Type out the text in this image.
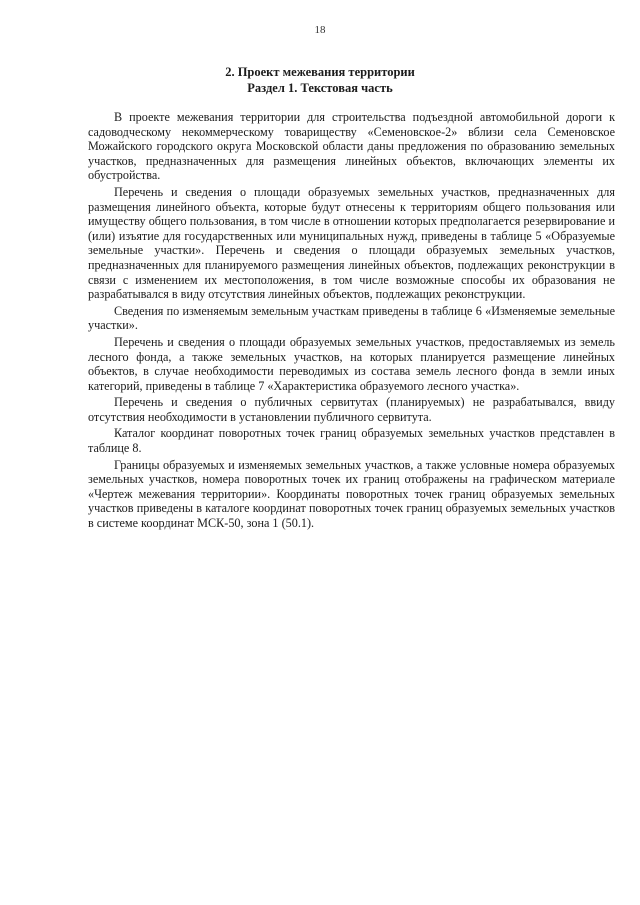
18
2. Проект межевания территории
Раздел 1. Текстовая часть

В проекте межевания территории для строительства подъездной автомобильной дороги к садоводческому некоммерческому товариществу «Семеновское-2» вблизи села Семеновское Можайского городского округа Московской области даны предложения по образованию земельных участков, предназначенных для размещения линейных объектов, включающих элементы их обустройства.

Перечень и сведения о площади образуемых земельных участков, предназначенных для размещения линейного объекта, которые будут отнесены к территориям общего пользования или имуществу общего пользования, в том числе в отношении которых предполагается резервирование и (или) изъятие для государственных или муниципальных нужд, приведены в таблице 5 «Образуемые земельные участки». Перечень и сведения о площади образуемых земельных участков, предназначенных для планируемого размещения линейных объектов, подлежащих реконструкции в связи с изменением их местоположения, в том числе возможные способы их образования не разрабатывался в виду отсутствия линейных объектов, подлежащих реконструкции.

Сведения по изменяемым земельным участкам приведены в таблице 6 «Изменяемые земельные участки».

Перечень и сведения о площади образуемых земельных участков, предоставляемых из земель лесного фонда, а также земельных участков, на которых планируется размещение линейных объектов, в случае необходимости переводимых из состава земель лесного фонда в земли иных категорий, приведены в таблице 7 «Характеристика образуемого лесного участка».

Перечень и сведения о публичных сервитутах (планируемых) не разрабатывался, ввиду отсутствия необходимости в установлении публичного сервитута.

Каталог координат поворотных точек границ образуемых земельных участков представлен в таблице 8.

Границы образуемых и изменяемых земельных участков, а также условные номера образуемых земельных участков, номера поворотных точек их границ отображены на графическом материале «Чертеж межевания территории». Координаты поворотных точек границ образуемых земельных участков приведены в каталоге координат поворотных точек границ образуемых земельных участков в системе координат МСК-50, зона 1 (50.1).
